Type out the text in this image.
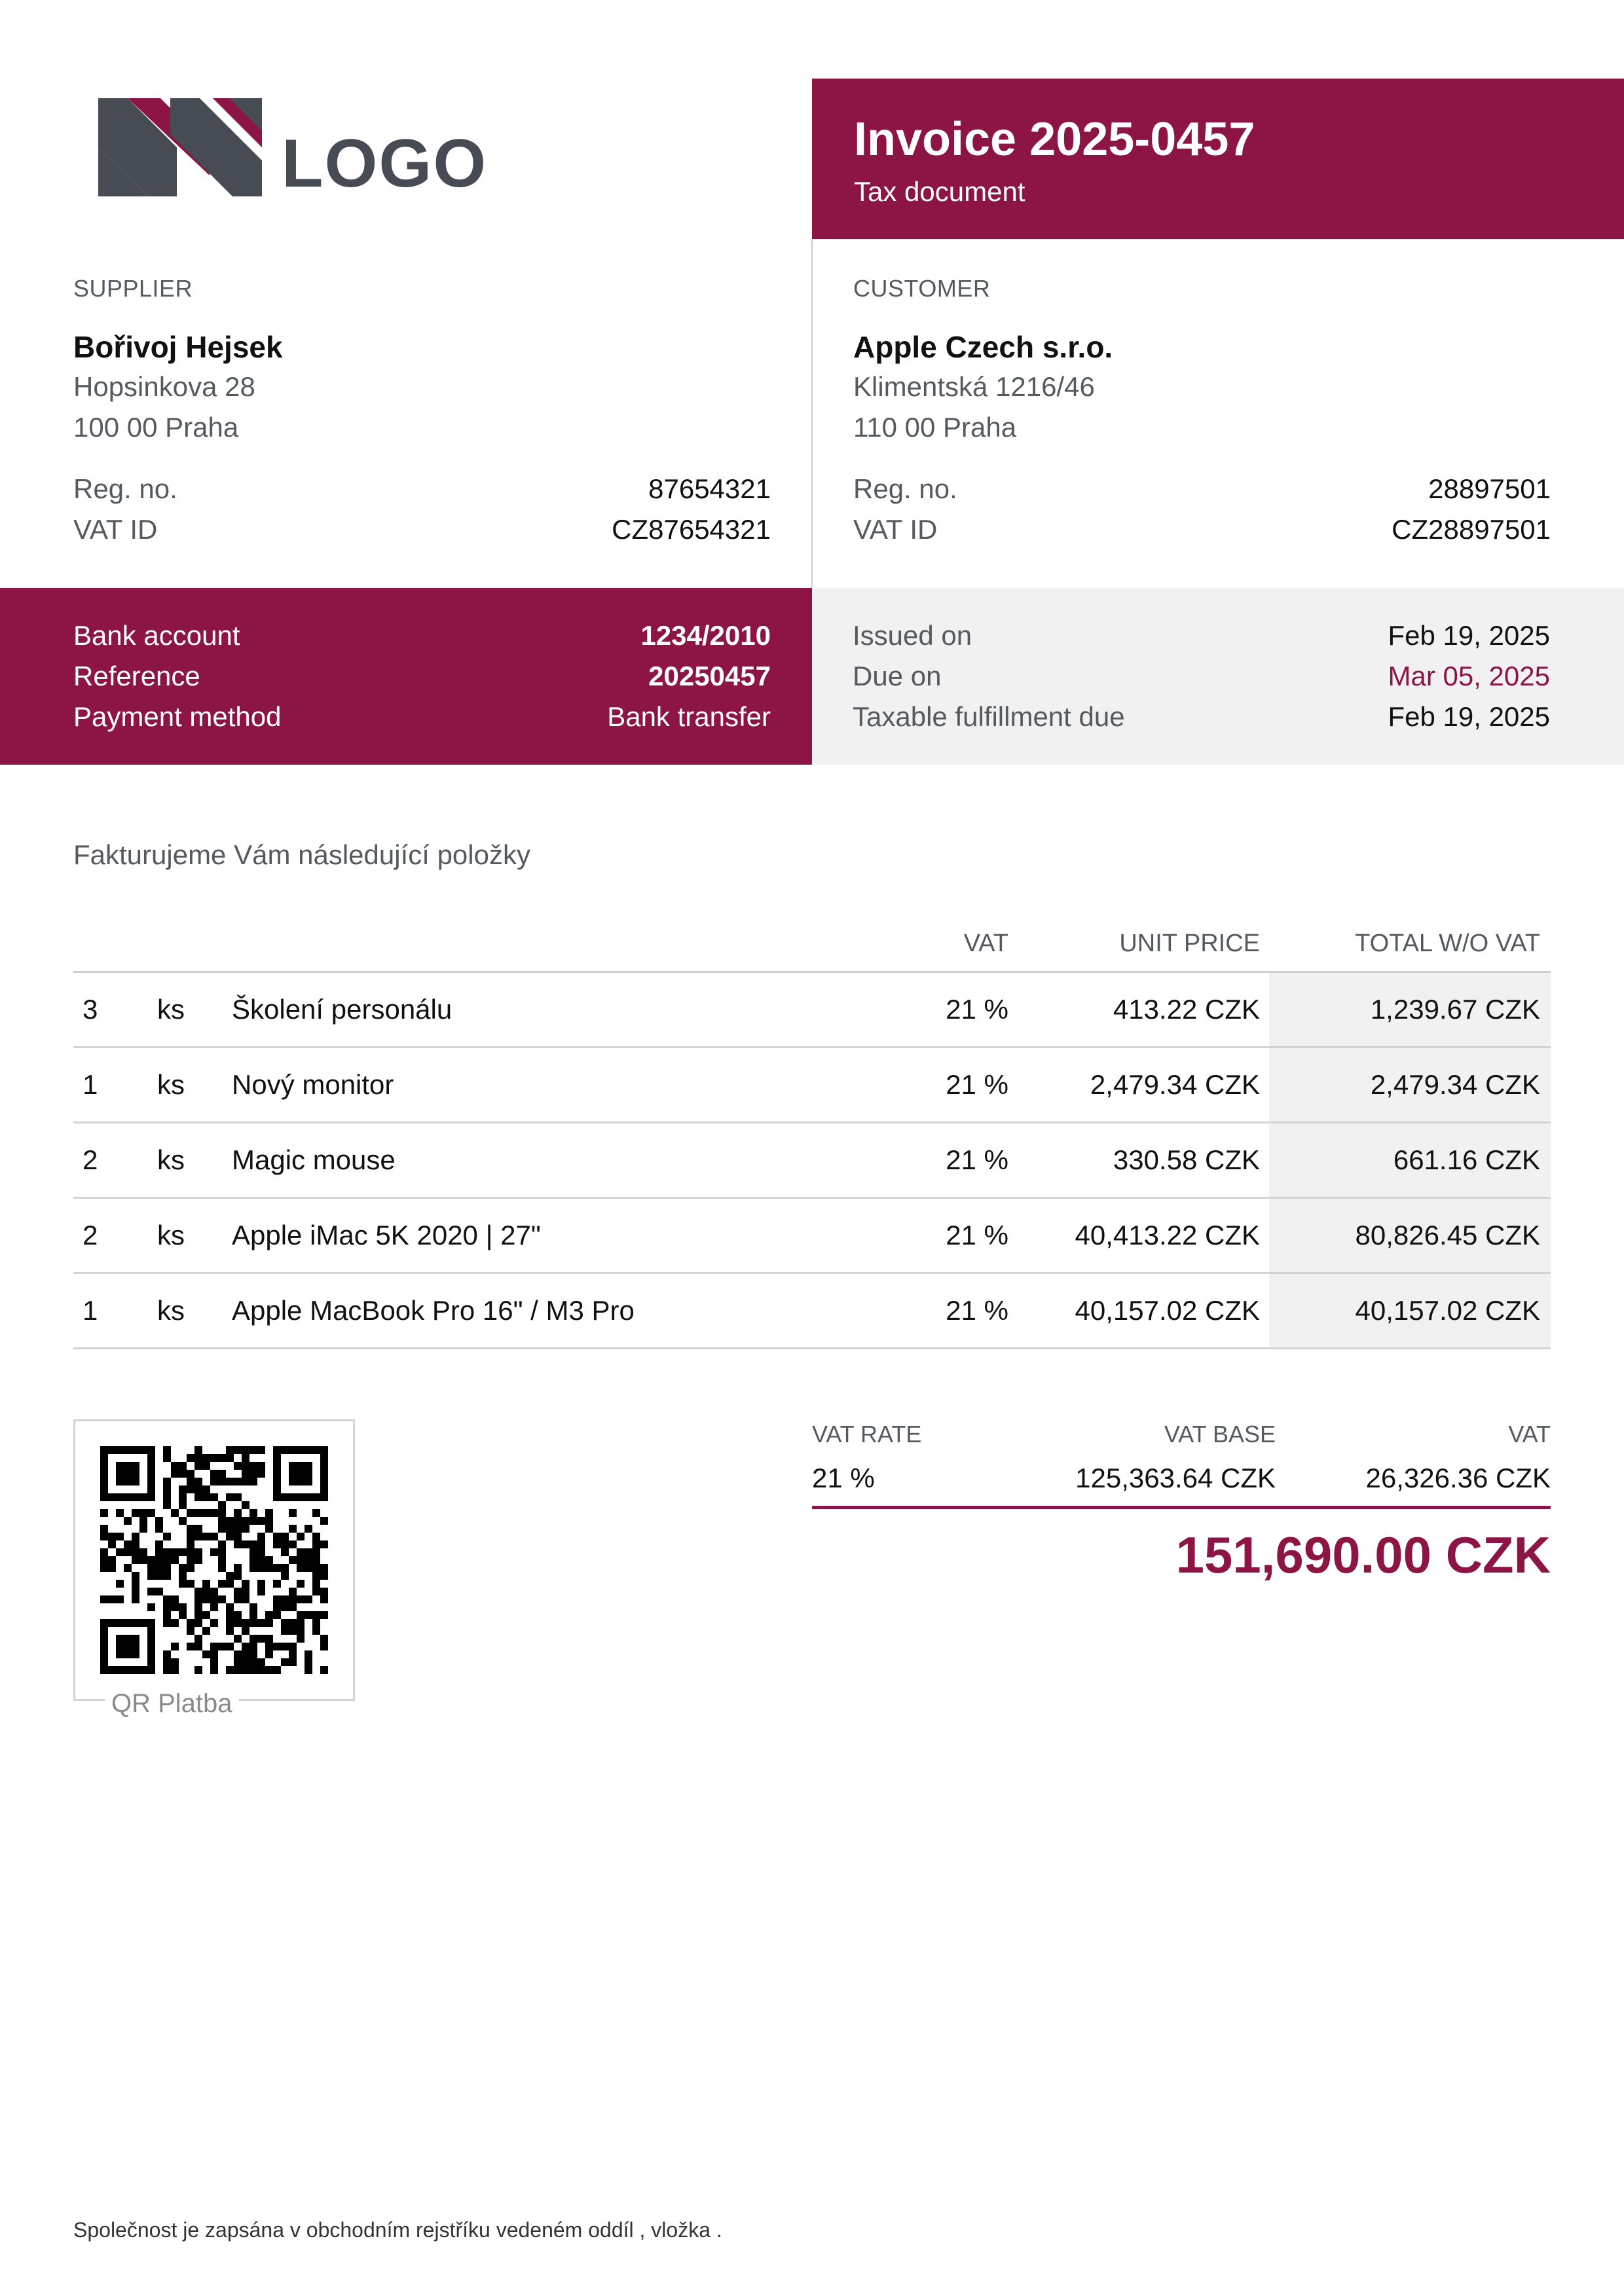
LOGO	Invoice 2025-0457
Tax document
SUPPLIER
Bořivoj Hejsek
Hopsinkova 28
100 00 Praha
Reg. no.	87654321
VAT ID	CZ87654321
CUSTOMER
Apple Czech s.r.o.
Klimentská 1216/46
110 00 Praha
Reg. no.	28897501
VAT ID	CZ28897501
Bank account	1234/2010
Reference	20250457
Payment method	Bank transfer
Issued on	Feb 19, 2025
Due on	Mar 05, 2025
Taxable fulfillment due	Feb 19, 2025
Fakturujeme Vám následující položky
VAT	UNIT PRICE	TOTAL W/O VAT
3 ks Školení personálu	21 %	413.22 CZK	1,239.67 CZK
1 ks Nový monitor	21 %	2,479.34 CZK	2,479.34 CZK
2 ks Magic mouse	21 %	330.58 CZK	661.16 CZK
2 ks Apple iMac 5K 2020 | 27"	21 % 40,413.22 CZK	80,826.45 CZK
1 ks Apple MacBook Pro 16" / M3 Pro	21 % 40,157.02 CZK	40,157.02 CZK
QR Platba
VAT RATE	VAT BASE	VAT
21 %	125,363.64 CZK	26,326.36 CZK
151,690.00 CZK
Společnost je zapsána v obchodním rejstříku vedeném oddíl , vložka .
